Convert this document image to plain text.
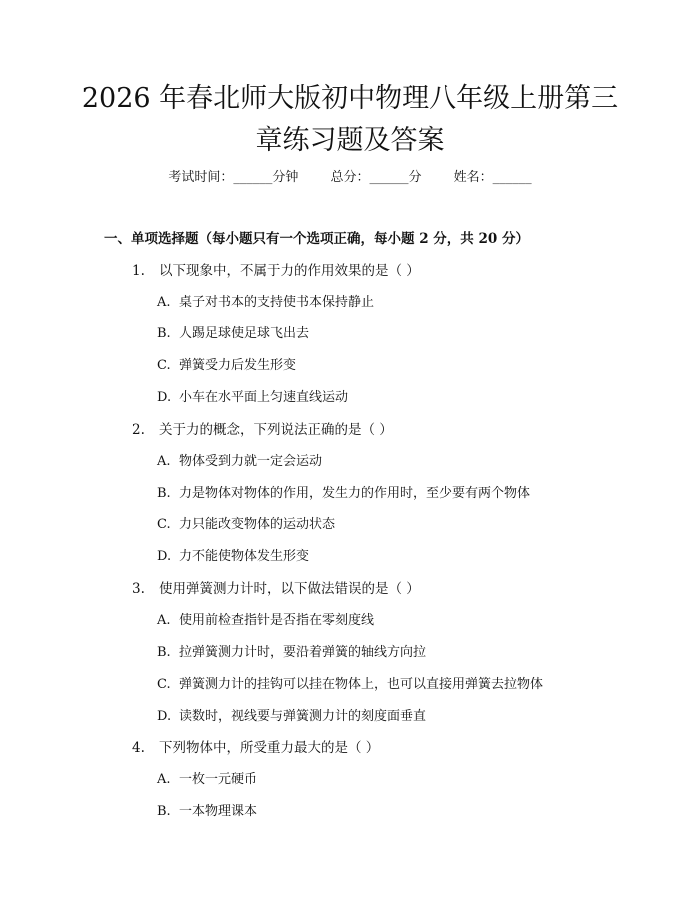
2026 年春北师大版初中物理八年级上册第三
章练习题及答案
考试时间：______分钟 总分：______分 姓名：______
一、单项选择题（每小题只有一个选项正确，每小题 2 分，共 20 分）
1. 以下现象中，不属于力的作用效果的是（ ）
A. 桌子对书本的支持使书本保持静止
B. 人踢足球使足球飞出去
C. 弹簧受力后发生形变
D. 小车在水平面上匀速直线运动
2. 关于力的概念，下列说法正确的是（ ）
A. 物体受到力就一定会运动
B. 力是物体对物体的作用，发生力的作用时，至少要有两个物体
C. 力只能改变物体的运动状态
D. 力不能使物体发生形变
3. 使用弹簧测力计时，以下做法错误的是（ ）
A. 使用前检查指针是否指在零刻度线
B. 拉弹簧测力计时，要沿着弹簧的轴线方向拉
C. 弹簧测力计的挂钩可以挂在物体上，也可以直接用弹簧去拉物体
D. 读数时，视线要与弹簧测力计的刻度面垂直
4. 下列物体中，所受重力最大的是（ ）
A. 一枚一元硬币
B. 一本物理课本
